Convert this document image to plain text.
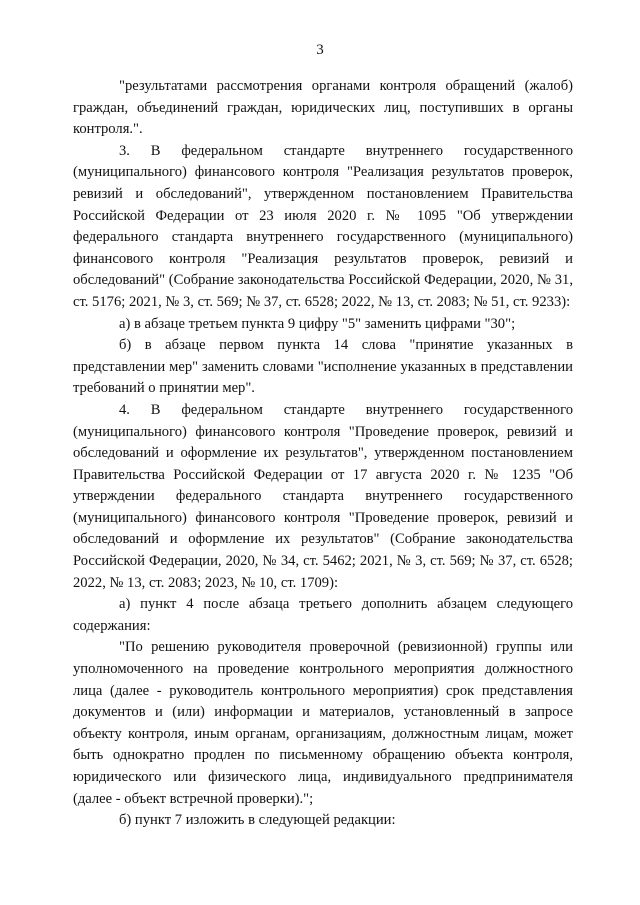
3

"результатами рассмотрения органами контроля обращений (жалоб) граждан, объединений граждан, юридических лиц, поступивших в органы контроля.".

3. В федеральном стандарте внутреннего государственного (муниципального) финансового контроля "Реализация результатов проверок, ревизий и обследований", утвержденном постановлением Правительства Российской Федерации от 23 июля 2020 г. № 1095 "Об утверждении федерального стандарта внутреннего государственного (муниципального) финансового контроля "Реализация результатов проверок, ревизий и обследований" (Собрание законодательства Российской Федерации, 2020, № 31, ст. 5176; 2021, № 3, ст. 569; № 37, ст. 6528; 2022, № 13, ст. 2083; № 51, ст. 9233):

а) в абзаце третьем пункта 9 цифру "5" заменить цифрами "30";

б) в абзаце первом пункта 14 слова "принятие указанных в представлении мер" заменить словами "исполнение указанных в представлении требований о принятии мер".

4. В федеральном стандарте внутреннего государственного (муниципального) финансового контроля "Проведение проверок, ревизий и обследований и оформление их результатов", утвержденном постановлением Правительства Российской Федерации от 17 августа 2020 г. № 1235 "Об утверждении федерального стандарта внутреннего государственного (муниципального) финансового контроля "Проведение проверок, ревизий и обследований и оформление их результатов" (Собрание законодательства Российской Федерации, 2020, № 34, ст. 5462; 2021, № 3, ст. 569; № 37, ст. 6528; 2022, № 13, ст. 2083; 2023, № 10, ст. 1709):

а) пункт 4 после абзаца третьего дополнить абзацем следующего содержания:

"По решению руководителя проверочной (ревизионной) группы или уполномоченного на проведение контрольного мероприятия должностного лица (далее - руководитель контрольного мероприятия) срок представления документов и (или) информации и материалов, установленный в запросе объекту контроля, иным органам, организациям, должностным лицам, может быть однократно продлен по письменному обращению объекта контроля, юридического или физического лица, индивидуального предпринимателя (далее - объект встречной проверки).";

б) пункт 7 изложить в следующей редакции:
